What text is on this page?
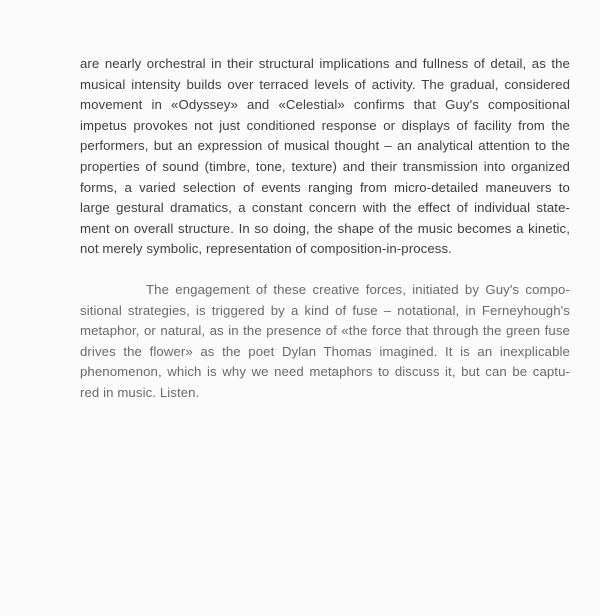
are nearly orchestral in their structural implications and fullness of detail, as the
musical intensity builds over terraced levels of activity. The gradual, considered
movement in «Odyssey» and «Celestial» confirms that Guy's compositional
impetus provokes not just conditioned response or displays of facility from the
performers, but an expression of musical thought – an analytical attention to the
properties of sound (timbre, tone, texture) and their transmission into organized
forms, a varied selection of events ranging from micro-detailed maneuvers to
large gestural dramatics, a constant concern with the effect of individual state-
ment on overall structure. In so doing, the shape of the music becomes a kinetic,
not merely symbolic, representation of composition-in-process.
The engagement of these creative forces, initiated by Guy's compo-
sitional strategies, is triggered by a kind of fuse – notational, in Ferneyhough's
metaphor, or natural, as in the presence of «the force that through the green fuse
drives the flower» as the poet Dylan Thomas imagined. It is an inexplicable
phenomenon, which is why we need metaphors to discuss it, but can be captu-
red in music. Listen.
